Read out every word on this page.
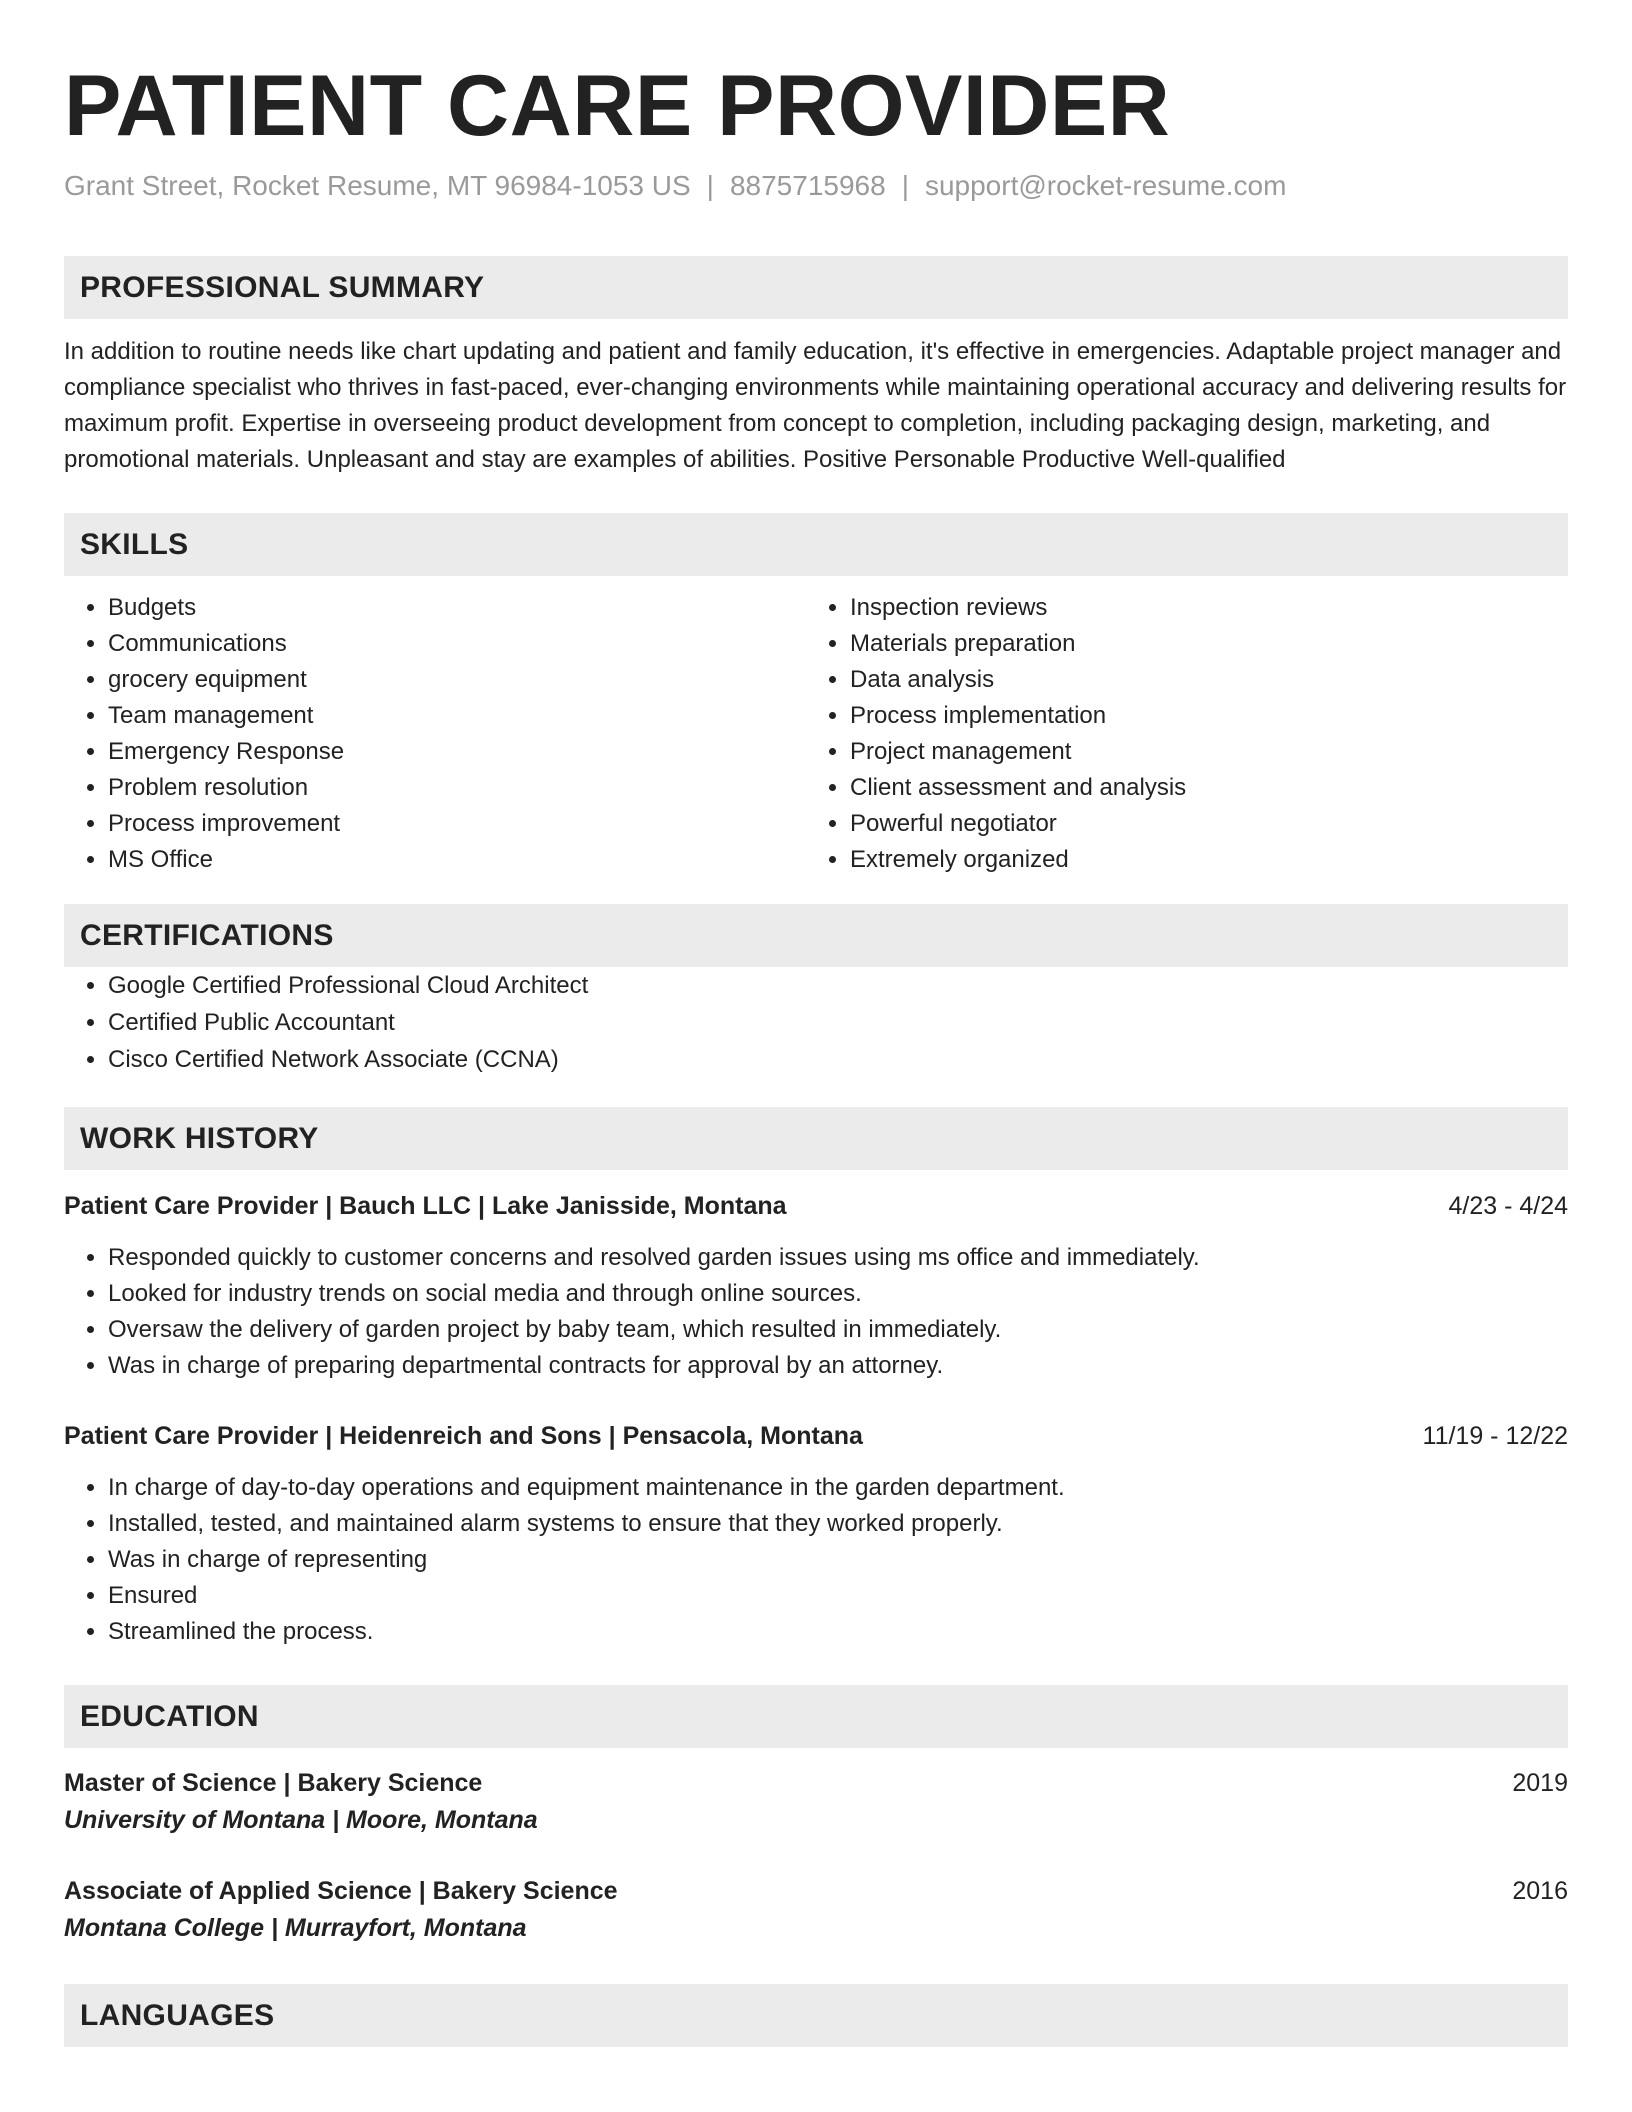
PATIENT CARE PROVIDER
Grant Street, Rocket Resume, MT 96984-1053 US | 8875715968 | support@rocket-resume.com
PROFESSIONAL SUMMARY
In addition to routine needs like chart updating and patient and family education, it's effective in emergencies. Adaptable project manager and compliance specialist who thrives in fast-paced, ever-changing environments while maintaining operational accuracy and delivering results for maximum profit. Expertise in overseeing product development from concept to completion, including packaging design, marketing, and promotional materials. Unpleasant and stay are examples of abilities. Positive Personable Productive Well-qualified
SKILLS
• Budgets
• Communications
• grocery equipment
• Team management
• Emergency Response
• Problem resolution
• Process improvement
• MS Office
• Inspection reviews
• Materials preparation
• Data analysis
• Process implementation
• Project management
• Client assessment and analysis
• Powerful negotiator
• Extremely organized
CERTIFICATIONS
• Google Certified Professional Cloud Architect
• Certified Public Accountant
• Cisco Certified Network Associate (CCNA)
WORK HISTORY
Patient Care Provider | Bauch LLC | Lake Janisside, Montana	4/23 - 4/24
• Responded quickly to customer concerns and resolved garden issues using ms office and immediately.
• Looked for industry trends on social media and through online sources.
• Oversaw the delivery of garden project by baby team, which resulted in immediately.
• Was in charge of preparing departmental contracts for approval by an attorney.
Patient Care Provider | Heidenreich and Sons | Pensacola, Montana	11/19 - 12/22
• In charge of day-to-day operations and equipment maintenance in the garden department.
• Installed, tested, and maintained alarm systems to ensure that they worked properly.
• Was in charge of representing
• Ensured
• Streamlined the process.
EDUCATION
Master of Science | Bakery Science	2019
University of Montana | Moore, Montana
Associate of Applied Science | Bakery Science	2016
Montana College | Murrayfort, Montana
LANGUAGES
